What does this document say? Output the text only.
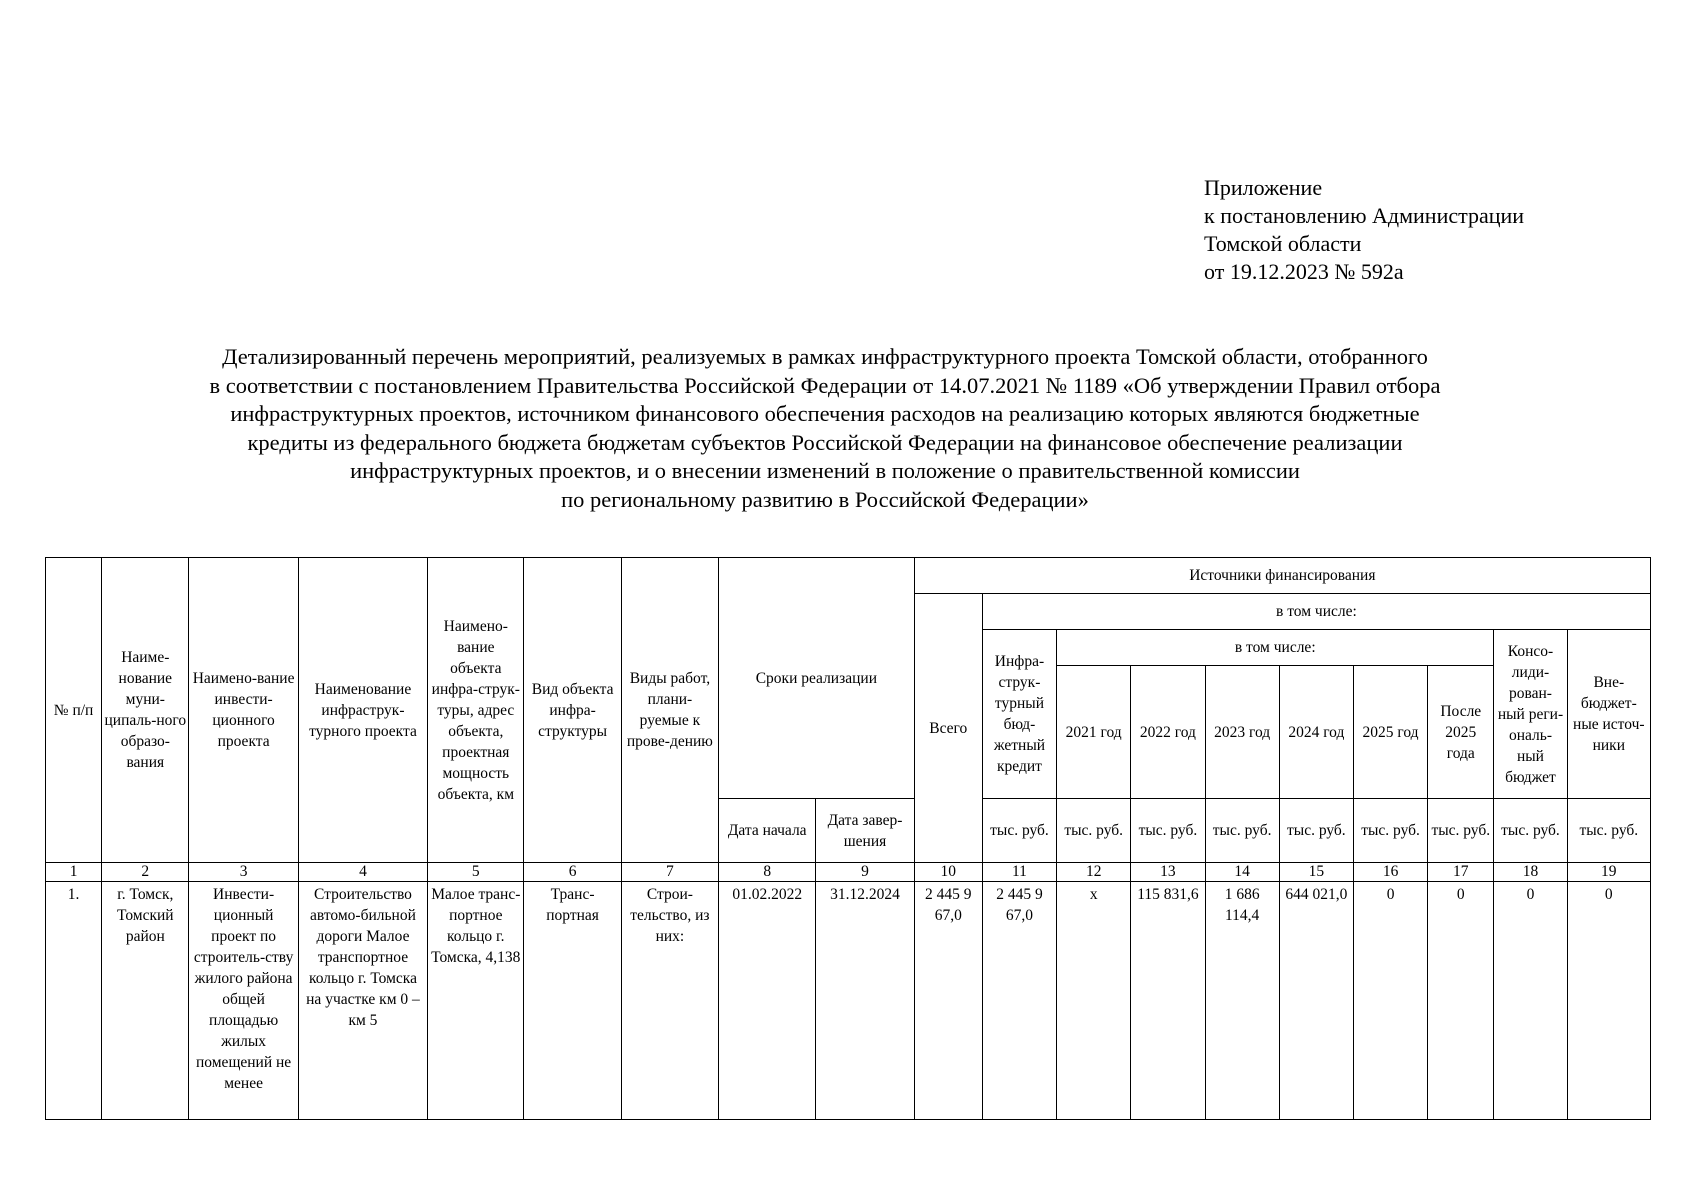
Приложение
к постановлению Администрации
Томской области
от 19.12.2023 № 592а
Детализированный перечень мероприятий, реализуемых в рамках инфраструктурного проекта Томской области, отобранного
в соответствии с постановлением Правительства Российской Федерации от 14.07.2021 № 1189 «Об утверждении Правил отбора
инфраструктурных проектов, источником финансового обеспечения расходов на реализацию которых являются бюджетные
кредиты из федерального бюджета бюджетам субъектов Российской Федерации на финансовое обеспечение реализации
инфраструктурных проектов, и о внесении изменений в положение о правительственной комиссии
по региональному развитию в Российской Федерации»
№ п/п	Наиме-нование муни-ципаль-ного образо-вания	Наимено-вание инвести-ционного проекта	Наименование инфраструк-турного проекта	Наимено-вание объекта инфра-струк-туры, адрес объекта, проектная мощность объекта, км	Вид объекта инфра-структуры	Виды работ, плани-руемые к прове-дению	Сроки реализации		Источники финансирования									
									Всего	в том числе:								
										Инфра-струк-турный бюд-жетный кредит	в том числе:						Консо-лиди-рован-ный реги-ональ-ный бюджет	Вне-бюджет-ные источ-ники
											2021 год	2022 год	2023 год	2024 год	2025 год	После 2025 года		
							Дата начала	Дата завер-шения		тыс. руб.	тыс. руб.	тыс. руб.	тыс. руб.	тыс. руб.	тыс. руб.	тыс. руб.	тыс. руб.	тыс. руб.
1	2	3	4	5	6	7	8	9	10	11	12	13	14	15	16	17	18	19
1.	г. Томск, Томский район	Инвести-ционный проект по строитель-ству жилого района общей площадью жилых помещений не менее	Строительство автомо-бильной дороги Малое транспортное кольцо г. Томска на участке км 0 – км 5	Малое транс-портное кольцо г. Томска, 4,138	Транс-портная	Строи-тельство, из них:	01.02.2022	31.12.2024	2 445 9 67,0	2 445 9 67,0	х	115 831,6	1 686 114,4	644 021,0	0	0	0	0
